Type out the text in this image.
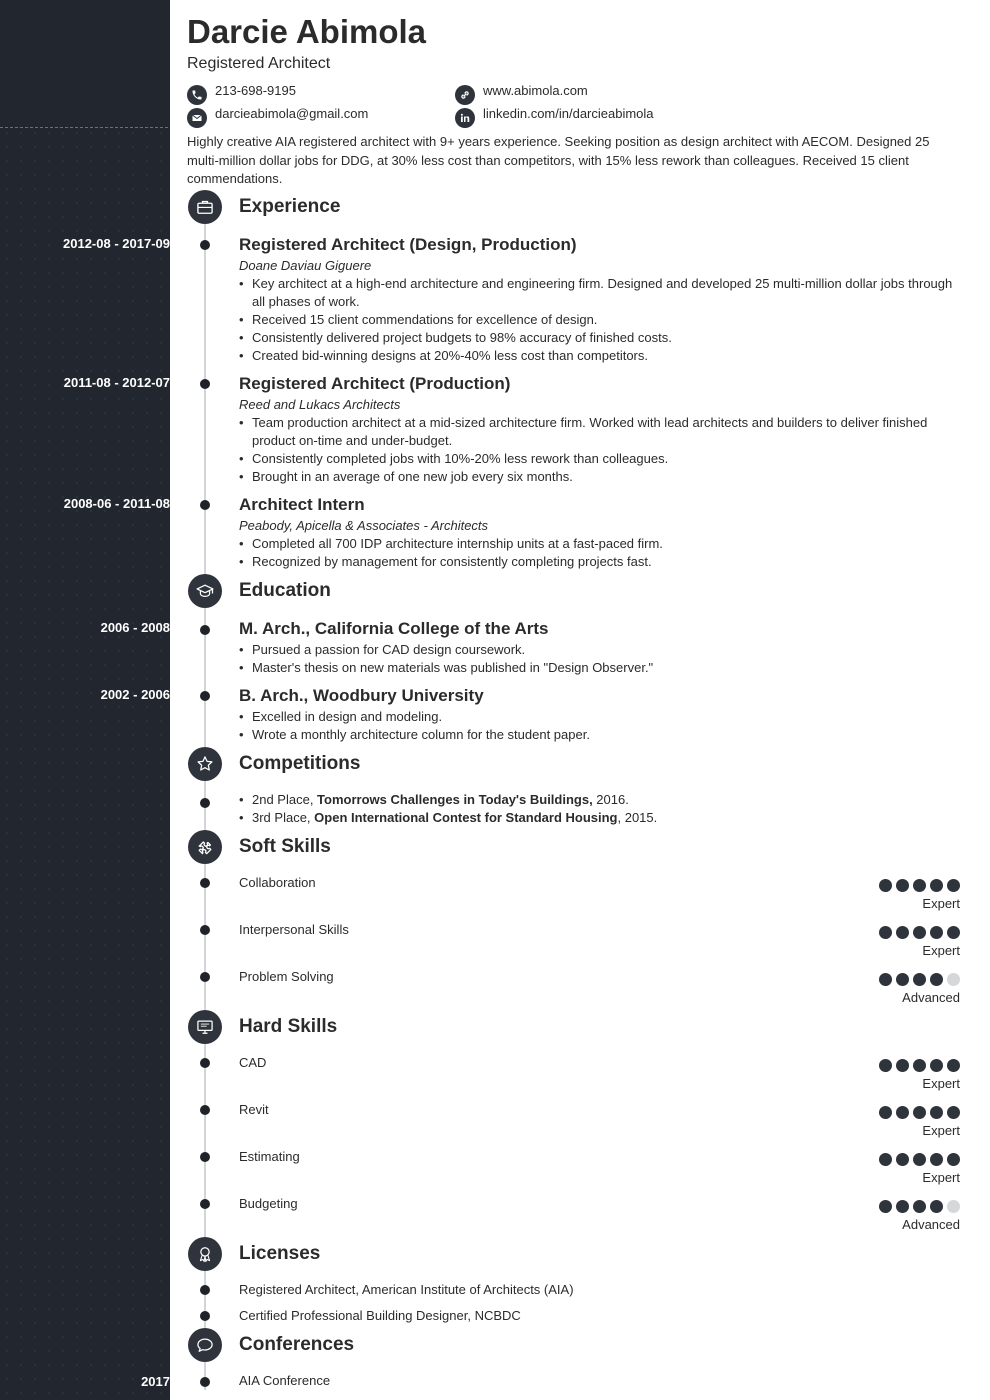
2012-08 - 2017-09
2011-08 - 2012-07
2008-06 - 2011-08
2006 - 2008
2002 - 2006
2017
Darcie Abimola
Registered Architect
213-698-9195
darcieabimola@gmail.com
www.abimola.com
linkedin.com/in/darcieabimola
Highly creative AIA registered architect with 9+ years experience. Seeking position as design architect with AECOM. Designed 25 multi-million dollar jobs for DDG, at 30% less cost than competitors, with 15% less rework than colleagues. Received 15 client commendations.
Experience
Registered Architect (Design, Production)
Doane Daviau Giguere
• Key architect at a high-end architecture and engineering firm. Designed and developed 25 multi-million dollar jobs through all phases of work.
• Received 15 client commendations for excellence of design.
• Consistently delivered project budgets to 98% accuracy of finished costs.
• Created bid-winning designs at 20%-40% less cost than competitors.
Registered Architect (Production)
Reed and Lukacs Architects
• Team production architect at a mid-sized architecture firm. Worked with lead architects and builders to deliver finished product on-time and under-budget.
• Consistently completed jobs with 10%-20% less rework than colleagues.
• Brought in an average of one new job every six months.
Architect Intern
Peabody, Apicella & Associates - Architects
• Completed all 700 IDP architecture internship units at a fast-paced firm.
• Recognized by management for consistently completing projects fast.
Education
M. Arch., California College of the Arts
• Pursued a passion for CAD design coursework.
• Master's thesis on new materials was published in "Design Observer."
B. Arch., Woodbury University
• Excelled in design and modeling.
• Wrote a monthly architecture column for the student paper.
Competitions
• 2nd Place, Tomorrows Challenges in Today's Buildings, 2016.
• 3rd Place, Open International Contest for Standard Housing, 2015.
Soft Skills
Collaboration
Expert
Interpersonal Skills
Expert
Problem Solving
Advanced
Hard Skills
CAD
Expert
Revit
Expert
Estimating
Expert
Budgeting
Advanced
Licenses
Registered Architect, American Institute of Architects (AIA)
Certified Professional Building Designer, NCBDC
Conferences
AIA Conference
